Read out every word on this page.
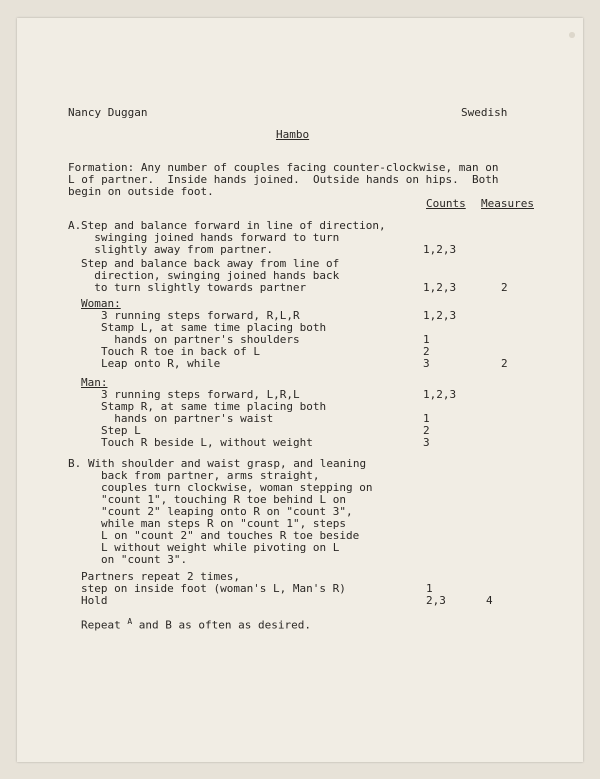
Nancy Duggan	Swedish
Hambo
Formation: Any number of couples facing counter-clockwise, man on
L of partner.  Inside hands joined.  Outside hands on hips.  Both
begin on outside foot.
Counts Measures
A. Step and balance forward in line of direction,
swinging joined hands forward to turn
slightly away from partner.	1,2,3
Step and balance back away from line of
direction, swinging joined hands back
to turn slightly towards partner	1,2,3	2
Woman:
3 running steps forward, R,L,R	1,2,3
Stamp L, at same time placing both
hands on partner's shoulders	1
Touch R toe in back of L	2
Leap onto R, while	3	2
Man:
3 running steps forward, L,R,L	1,2,3
Stamp R, at same time placing both
hands on partner's waist	1
Step L	2
Touch R beside L, without weight	3
B. With shoulder and waist grasp, and leaning
back from partner, arms straight,
couples turn clockwise, woman stepping on
"count 1", touching R toe behind L on
"count 2" leaping onto R on "count 3",
while man steps R on "count 1", steps
L on "count 2" and touches R toe beside
L without weight while pivoting on L
on "count 3".
Partners repeat 2 times,
step on inside foot (woman's L, Man's R)	1
Hold	2,3	4
Repeat $^A$ and B as often as desired.
